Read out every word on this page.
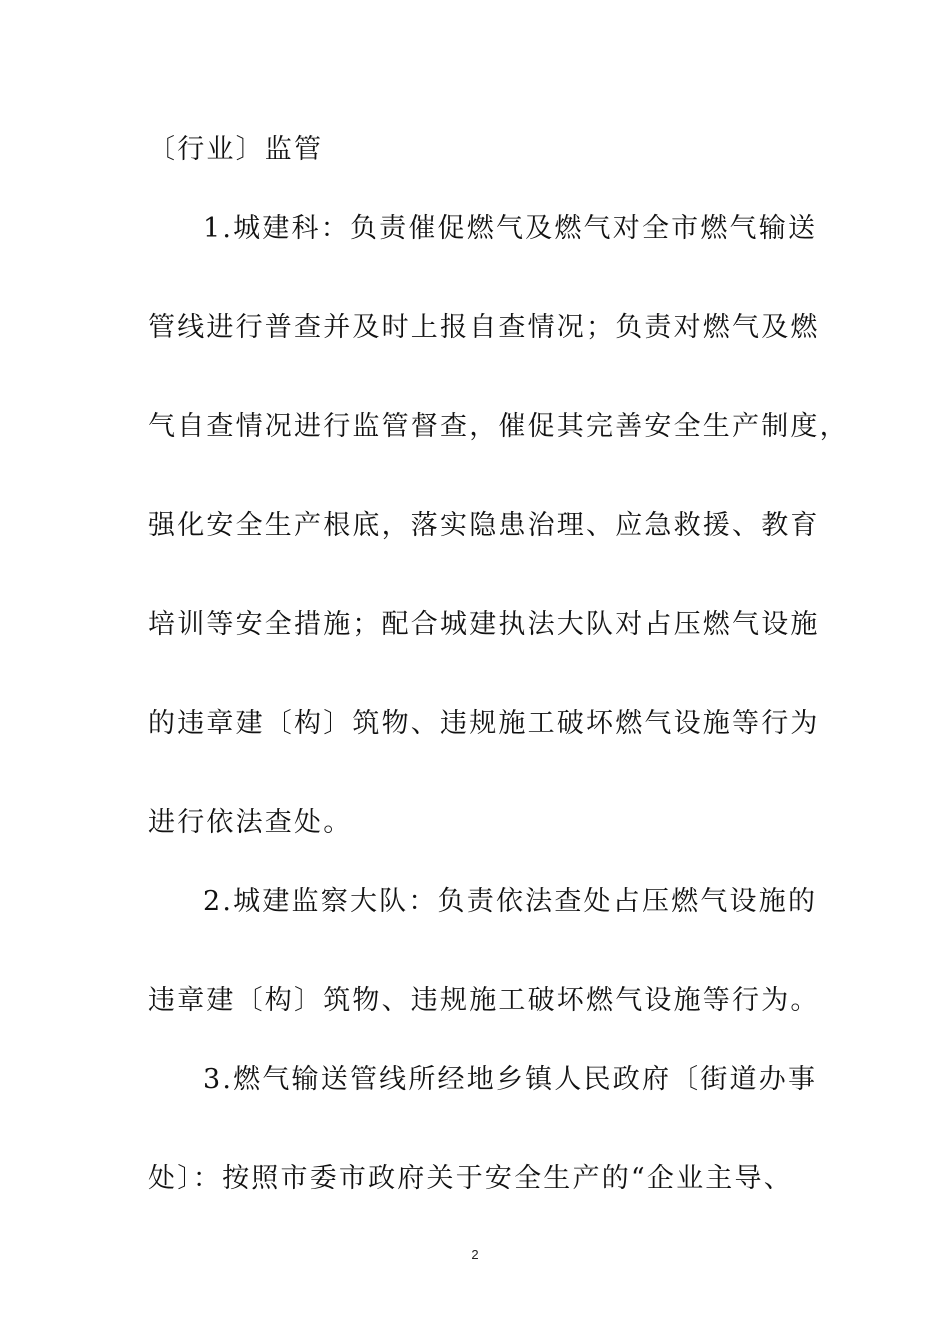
〔行业〕监管
1.城建科：负责催促燃气及燃气对全市燃气输送
管线进行普查并及时上报自查情况；负责对燃气及燃
气自查情况进行监管督查，催促其完善安全生产制度，
强化安全生产根底，落实隐患治理、应急救援、教育
培训等安全措施；配合城建执法大队对占压燃气设施
的违章建〔构〕筑物、违规施工破坏燃气设施等行为
进行依法查处。
2.城建监察大队：负责依法查处占压燃气设施的
违章建〔构〕筑物、违规施工破坏燃气设施等行为。
3.燃气输送管线所经地乡镇人民政府〔街道办事
处〕：按照市委市政府关于安全生产的“企业主导、
2
